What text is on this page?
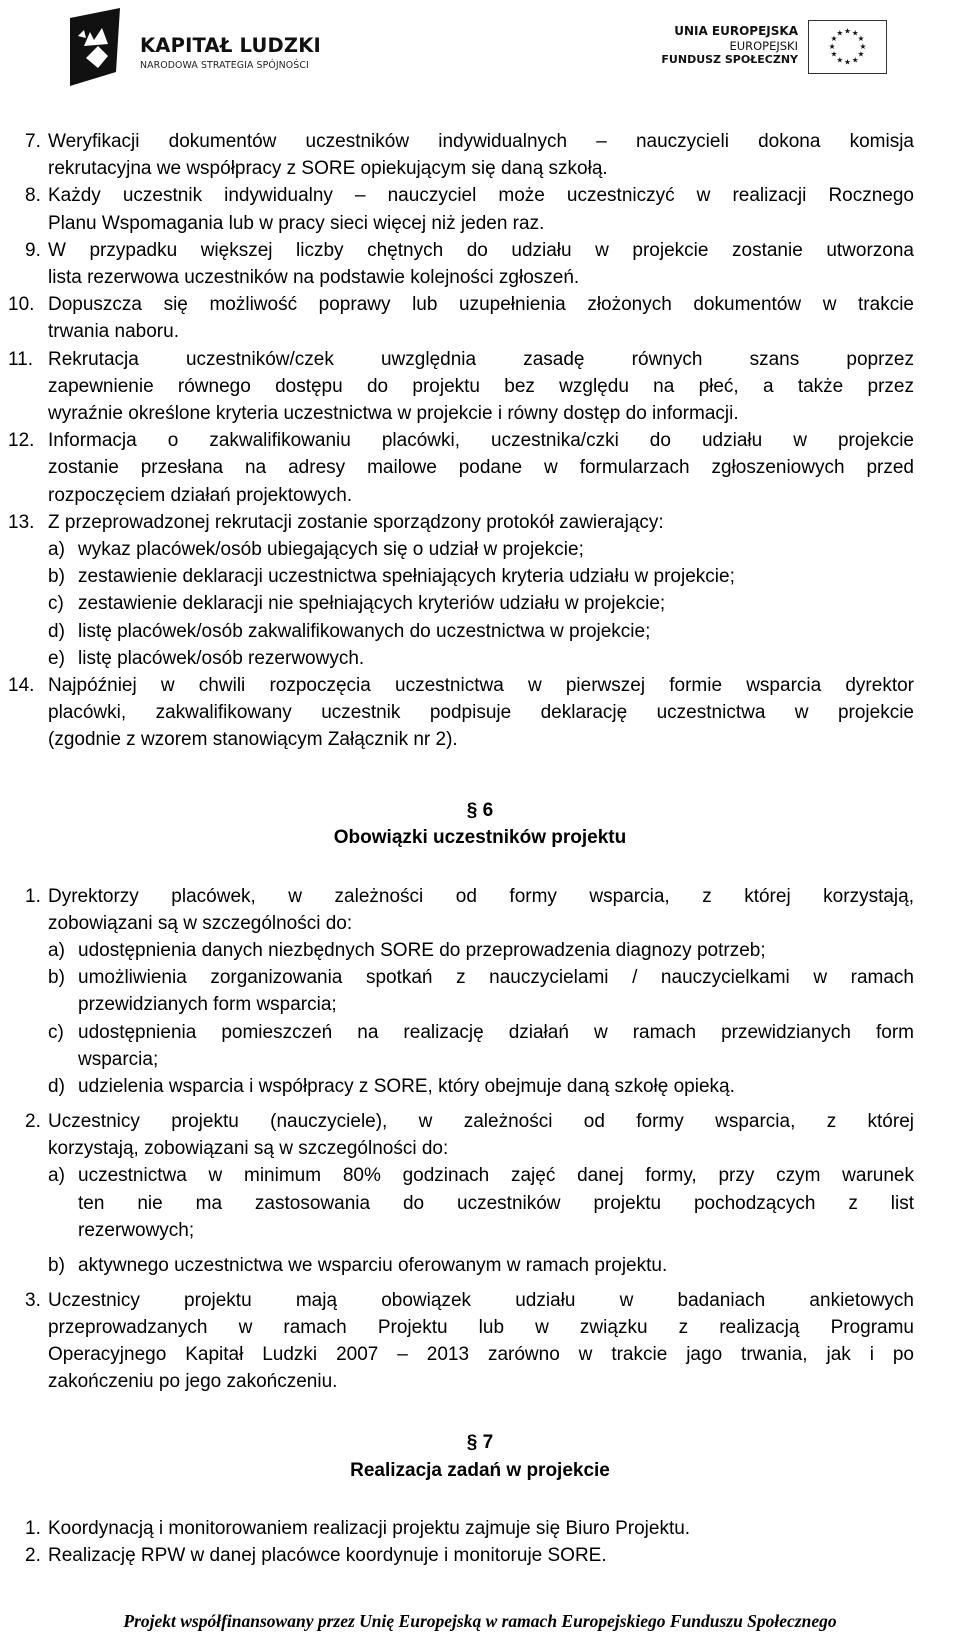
KAPITAŁ LUDZKI
NARODOWA STRATEGIA SPÓJNOŚCI
UNIA EUROPEJSKA
EUROPEJSKI
FUNDUSZ SPOŁECZNY
★ ★
★
★
★
★
★
★
★
★
★
★
7. Weryfikacji dokumentów uczestników indywidualnych – nauczycieli dokona komisja

rekrutacyjna we współpracy z SORE opiekującym się daną szkołą.

8. Każdy uczestnik indywidualny – nauczyciel może uczestniczyć w realizacji Rocznego

Planu Wspomagania lub w pracy sieci więcej niż jeden raz.

9. W przypadku większej liczby chętnych do udziału w projekcie zostanie utworzona

lista rezerwowa uczestników na podstawie kolejności zgłoszeń.

10. Dopuszcza się możliwość poprawy lub uzupełnienia złożonych dokumentów w trakcie

trwania naboru.

11. Rekrutacja uczestników/czek uwzględnia zasadę równych szans poprzez

zapewnienie równego dostępu do projektu bez względu na płeć, a także przez

wyraźnie określone kryteria uczestnictwa w projekcie i równy dostęp do informacji.

12. Informacja o zakwalifikowaniu placówki, uczestnika/czki do udziału w projekcie

zostanie przesłana na adresy mailowe podane w formularzach zgłoszeniowych przed

rozpoczęciem działań projektowych.

13. Z przeprowadzonej rekrutacji zostanie sporządzony protokół zawierający:

a) wykaz placówek/osób ubiegających się o udział w projekcie;

b) zestawienie deklaracji uczestnictwa spełniających kryteria udziału w projekcie;

c) zestawienie deklaracji nie spełniających kryteriów udziału w projekcie;

d) listę placówek/osób zakwalifikowanych do uczestnictwa w projekcie;

e) listę placówek/osób rezerwowych.

14. Najpóźniej w chwili rozpoczęcia uczestnictwa w pierwszej formie wsparcia dyrektor

placówki, zakwalifikowany uczestnik podpisuje deklarację uczestnictwa w projekcie

(zgodnie z wzorem stanowiącym Załącznik nr 2).

§ 6
Obowiązki uczestników projektu
1. Dyrektorzy placówek, w zależności od formy wsparcia, z której korzystają,

zobowiązani są w szczególności do:

a) udostępnienia danych niezbędnych SORE do przeprowadzenia diagnozy potrzeb;

b) umożliwienia zorganizowania spotkań z nauczycielami / nauczycielkami w ramach

przewidzianych form wsparcia;

c) udostępnienia pomieszczeń na realizację działań w ramach przewidzianych form

wsparcia;

d) udzielenia wsparcia i współpracy z SORE, który obejmuje daną szkołę opieką.

2. Uczestnicy projektu (nauczyciele), w zależności od formy wsparcia, z której

korzystają, zobowiązani są w szczególności do:

a) uczestnictwa w minimum 80% godzinach zajęć danej formy, przy czym warunek

ten nie ma zastosowania do uczestników projektu pochodzących z list

rezerwowych;

b) aktywnego uczestnictwa we wsparciu oferowanym w ramach projektu.

3. Uczestnicy projektu mają obowiązek udziału w badaniach ankietowych

przeprowadzanych w ramach Projektu lub w związku z realizacją Programu

Operacyjnego Kapitał Ludzki 2007 – 2013 zarówno w trakcie jago trwania, jak i po

zakończeniu po jego zakończeniu.

§ 7
Realizacja zadań w projekcie
1. Koordynacją i monitorowaniem realizacji projektu zajmuje się Biuro Projektu.

2. Realizację RPW w danej placówce koordynuje i monitoruje SORE.

Projekt współfinansowany przez Unię Europejską w ramach Europejskiego Funduszu Społecznego
